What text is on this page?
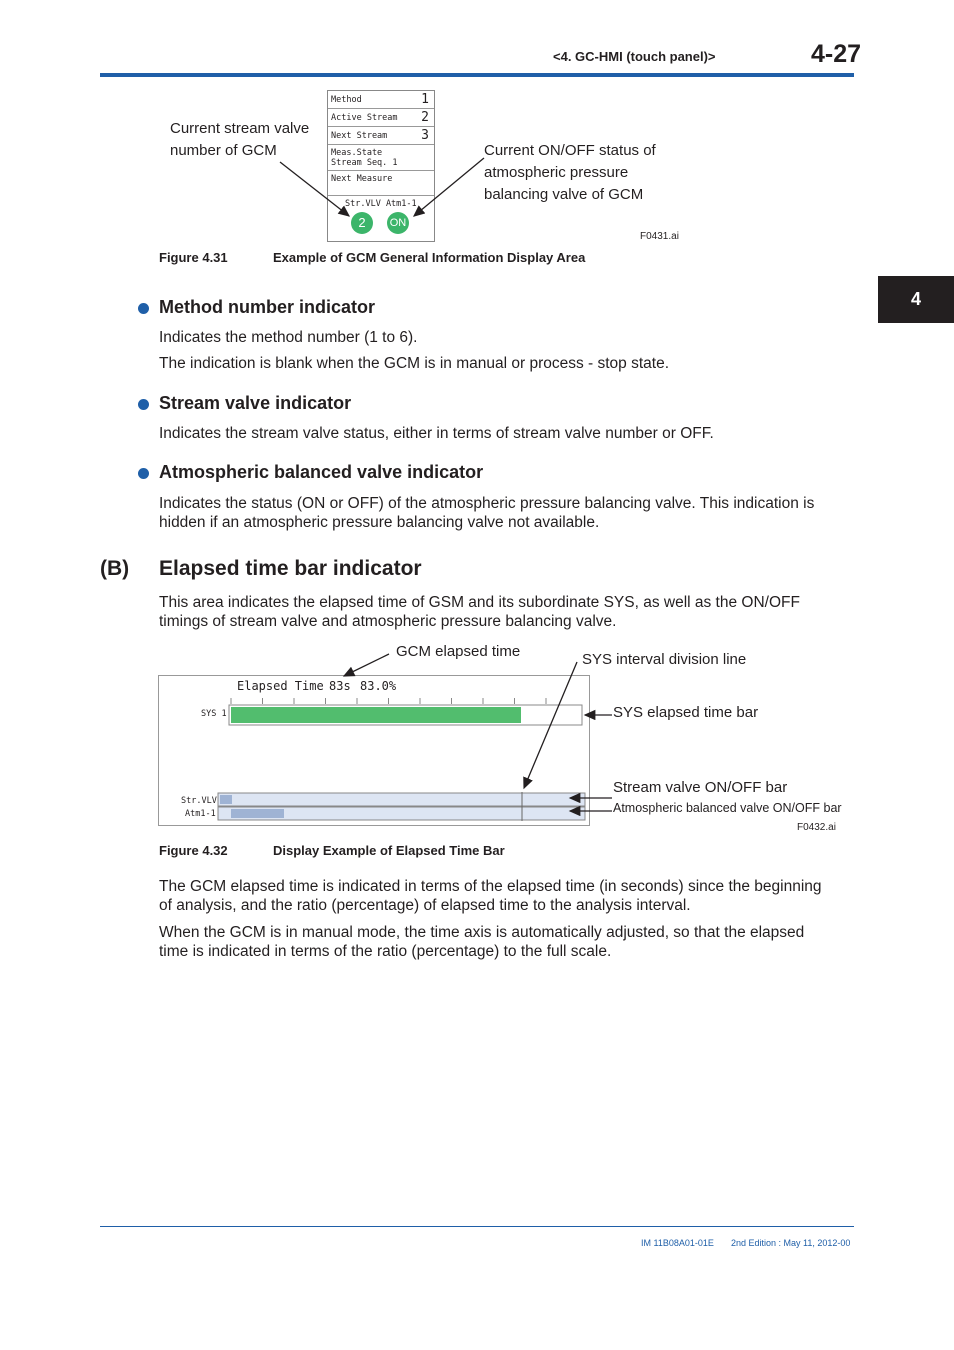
<4. GC-HMI (touch panel)>	4-27
4
Method	1
Active Stream 2
Next Stream	3
Meas.State
Stream Seq. 1
Next Measure
Str.VLV Atm1-1
2	ON
Current stream valve
number of GCM	Current ON/OFF status of
atmospheric pressure
balancing valve of GCM
F0431.ai
Figure 4.31	Example of GCM General Information Display Area
Method number indicator
Indicates the method number (1 to 6).
The indication is blank when the GCM is in manual or process - stop state.
Stream valve indicator
Indicates the stream valve status, either in terms of stream valve number or OFF.
Atmospheric balanced valve indicator
Indicates the status (ON or OFF) of the atmospheric pressure balancing valve. This indication is
hidden if an atmospheric pressure balancing valve not available.
(B) Elapsed time bar indicator
This area indicates the elapsed time of GSM and its subordinate SYS, as well as the ON/OFF
timings of stream valve and atmospheric pressure balancing valve.
Elapsed Time 83s 83.0%
SYS 1
Str.VLV
Atm1-1
GCM elapsed time	SYS interval division line
SYS elapsed time bar
Stream valve ON/OFF bar
Atmospheric balanced valve ON/OFF bar
F0432.ai
Figure 4.32	Display Example of Elapsed Time Bar
The GCM elapsed time is indicated in terms of the elapsed time (in seconds) since the beginning
of analysis, and the ratio (percentage) of elapsed time to the analysis interval.
When the GCM is in manual mode, the time axis is automatically adjusted, so that the elapsed
time is indicated in terms of the ratio (percentage) to the full scale.
IM 11B08A01-01E 2nd Edition : May 11, 2012-00
